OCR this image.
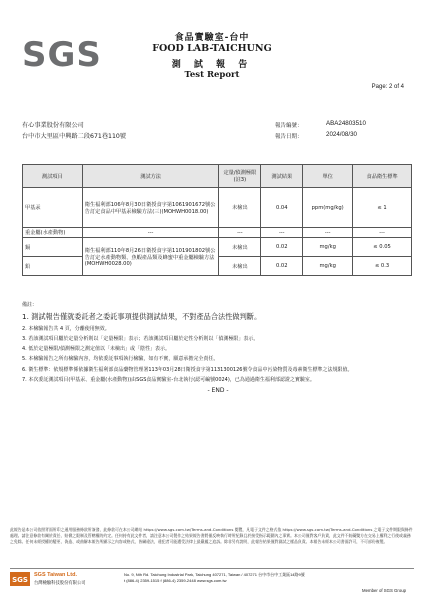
SGS	食品實驗室-台中
FOOD LAB-TAICHUNG
測 試 報 告
Test Report
Page: 2 of 4
有心事業股份有限公司
台中市大里區中興路二段671巷110號
報告編號：	ABA24803510
報告日期：	2024/08/30
測試項目	測試方法	定量/偵測極限(註3)	測試結果	單位	食品衛生標準
甲基汞	衛生福利部106年8月30日衛授食字第1061901672號公告訂定食品中甲基汞檢驗方法(三)(MOHWH0018.00)	未檢出	0.04	ppm(mg/kg)	≤ 1
重金屬(水產動物)	---	---	---	---	---
鎘	衛生福利部110年8月26日衛授食字第1101901802號公告訂定水產動物類、魚蝦產品類及蜂蜜中重金屬檢驗方法(MOHWH0028.00)	未檢出	0.02	mg/kg	≤ 0.05
鉛		未檢出	0.02	mg/kg	≤ 0.3
備註：
1. 測試報告僅就委託者之委託事項提供測試結果，不對產品合法性做判斷。
2. 本檢驗報告共 4 頁，分離使用無效。
3. 若該測試項目屬於定量分析則以「定量極限」表示；若該測試項目屬於定性分析則以「偵測極限」表示。
4. 低於定量極限/偵測極限之測定值以「未檢出」或「陰性」表示。
5. 本檢驗報告之所有檢驗內容，均依委託事項執行檢驗，如有不實，願意承擔完全責任。
6. 衛生標準：依規標準係依據衛生福利部食品藥物管理署113年03月28日衛授食字第1131300126號令食品中污染物質及毒素衛生標準之法規限值。
7. 本次委託測試項目(甲基汞、重金屬(水產動物))由SGS食品實驗室-台北執行(認可編號0024)，已為通過衛生福利部認證之實驗室。
- END -
此報告是本公司依照背面所印之通用服務條款所簽發，此條款可在本公司網站 https://www.sgs.com.tw/Terms-and-Conditions 閱覽，凡電子文件之格式依 https://www.sgs.com.tw/Terms-and-Conditions 之電子文件期限與條件處理。請注意條款有關於責任、賠償之限制及管轄權的約定。任何持有此文件者，請注意本公司製作之結果報告書將僅反映執行時所紀錄且於接受指示範圍內之事實。本公司僅對客戶負責，此文件不妨礙雙方在交易上權利之行使或義務之免除。任何未經授權的變更、偽造、或曲解本報告所顯示之內容或格式，皆屬違法，違犯者可能遭受法律上最嚴厲之追訴。除非另有說明，此報告結果僅對測試之樣品負責。本報告未經本公司書面許可，不可部份複製。
SGS
SGS Taiwan Ltd.
台灣檢驗科技股份有限公司
No. 9, Nth Rd. Taichung Industrial Park, Taichung 407271, Taiwan / 407271 台中市台中工業區14路9號
t (886-4) 2359-1515 f (886-4) 2359-2448 www.sgs.com.tw
Member of SGS Group
